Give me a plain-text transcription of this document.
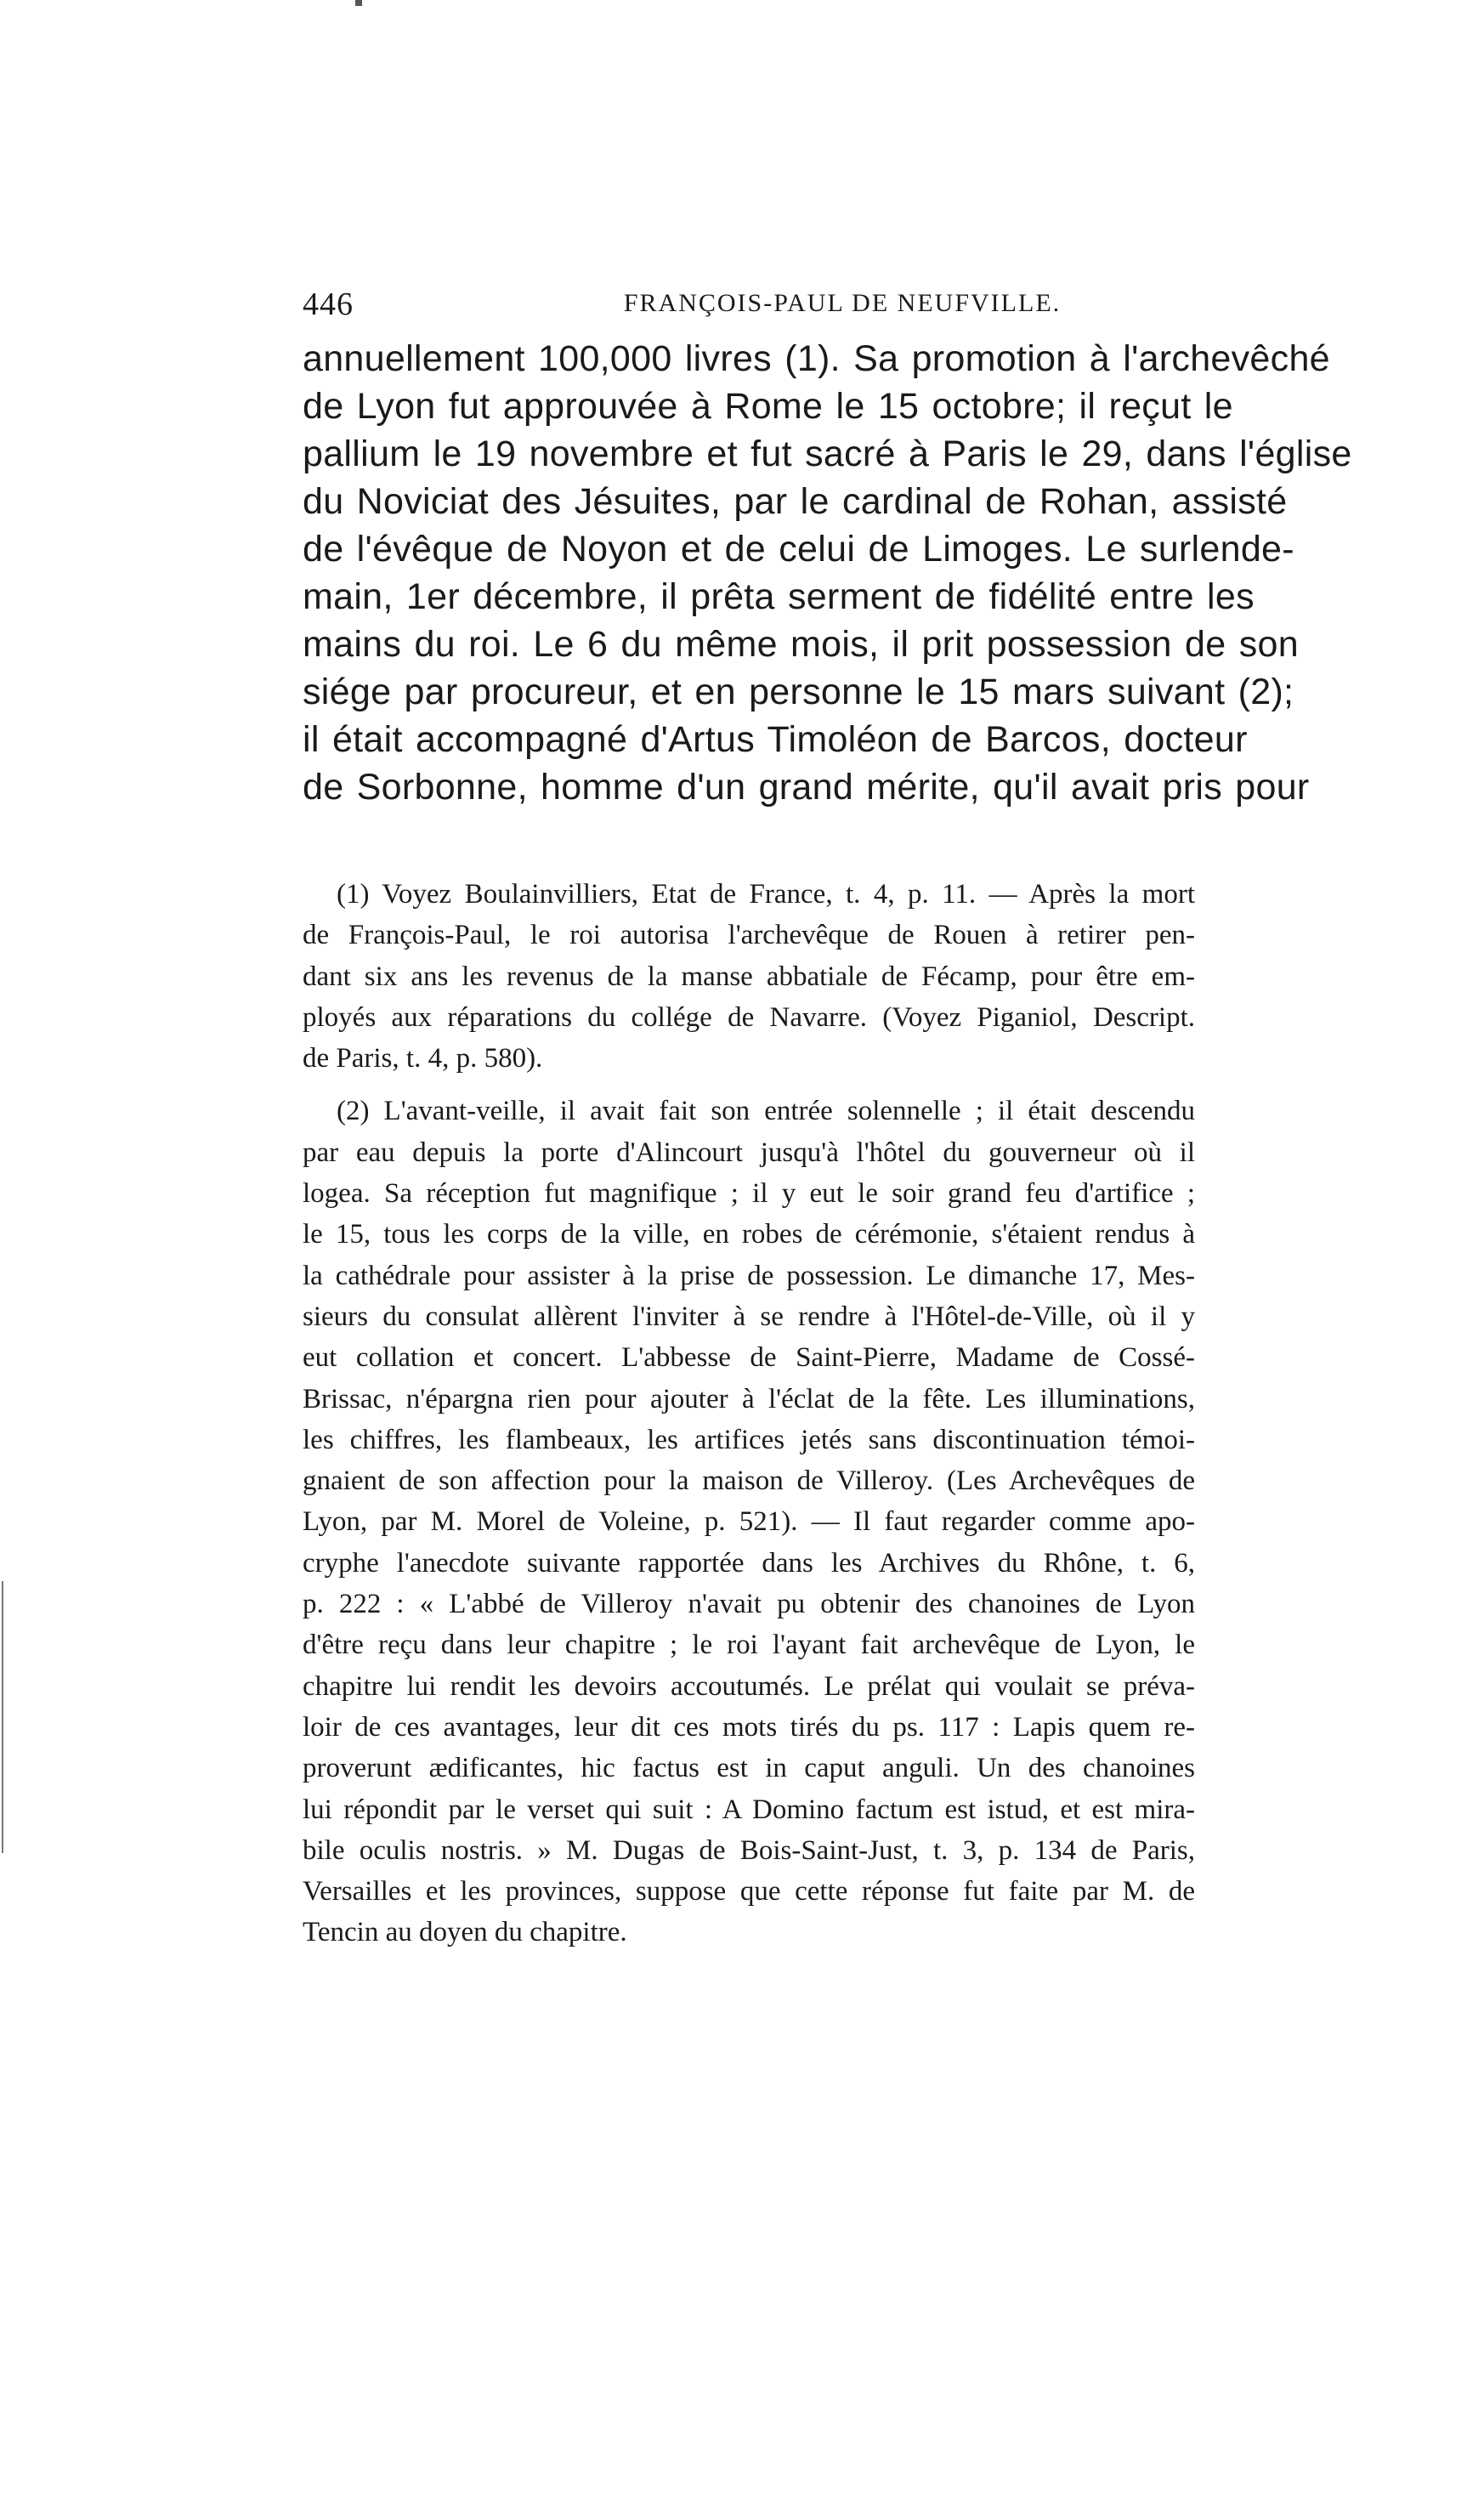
446	FRANÇOIS-PAUL DE NEUFVILLE.
annuellement 100,000 livres (1). Sa promotion à l'archevêché
de Lyon fut approuvée à Rome le 15 octobre; il reçut le
pallium le 19 novembre et fut sacré à Paris le 29, dans l'église
du Noviciat des Jésuites, par le cardinal de Rohan, assisté
de l'évêque de Noyon et de celui de Limoges. Le surlende-
main, 1er décembre, il prêta serment de fidélité entre les
mains du roi. Le 6 du même mois, il prit possession de son
siége par procureur, et en personne le 15 mars suivant (2);
il était accompagné d'Artus Timoléon de Barcos, docteur
de Sorbonne, homme d'un grand mérite, qu'il avait pris pour
(1) Voyez Boulainvilliers, Etat de France, t. 4, p. 11. — Après la mort
de François-Paul, le roi autorisa l'archevêque de Rouen à retirer pen-
dant six ans les revenus de la manse abbatiale de Fécamp, pour être em-
ployés aux réparations du collége de Navarre. (Voyez Piganiol, Descript.
de Paris, t. 4, p. 580).
(2) L'avant-veille, il avait fait son entrée solennelle ; il était descendu
par eau depuis la porte d'Alincourt jusqu'à l'hôtel du gouverneur où il
logea. Sa réception fut magnifique ; il y eut le soir grand feu d'artifice ;
le 15, tous les corps de la ville, en robes de cérémonie, s'étaient rendus à
la cathédrale pour assister à la prise de possession. Le dimanche 17, Mes-
sieurs du consulat allèrent l'inviter à se rendre à l'Hôtel-de-Ville, où il y
eut collation et concert. L'abbesse de Saint-Pierre, Madame de Cossé-
Brissac, n'épargna rien pour ajouter à l'éclat de la fête. Les illuminations,
les chiffres, les flambeaux, les artifices jetés sans discontinuation témoi-
gnaient de son affection pour la maison de Villeroy. (Les Archevêques de
Lyon, par M. Morel de Voleine, p. 521). — Il faut regarder comme apo-
cryphe l'anecdote suivante rapportée dans les Archives du Rhône, t. 6,
p. 222 : « L'abbé de Villeroy n'avait pu obtenir des chanoines de Lyon
d'être reçu dans leur chapitre ; le roi l'ayant fait archevêque de Lyon, le
chapitre lui rendit les devoirs accoutumés. Le prélat qui voulait se préva-
loir de ces avantages, leur dit ces mots tirés du ps. 117 : Lapis quem re-
proverunt ædificantes, hic factus est in caput anguli. Un des chanoines
lui répondit par le verset qui suit : A Domino factum est istud, et est mira-
bile oculis nostris. » M. Dugas de Bois-Saint-Just, t. 3, p. 134 de Paris,
Versailles et les provinces, suppose que cette réponse fut faite par M. de
Tencin au doyen du chapitre.
